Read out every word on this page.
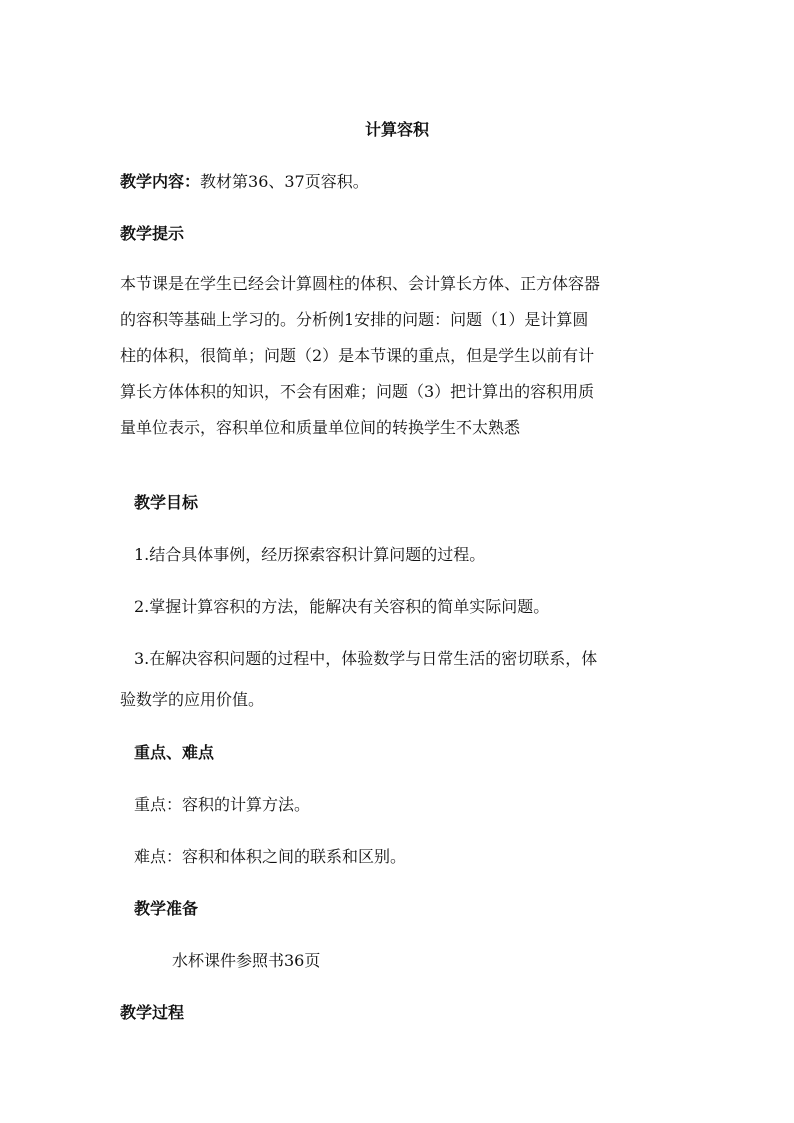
计算容积
教学内容：教材第36、37页容积。
教学提示
本节课是在学生已经会计算圆柱的体积、会计算长方体、正方体容器
的容积等基础上学习的。分析例1安排的问题：问题（1）是计算圆
柱的体积，很简单；问题（2）是本节课的重点，但是学生以前有计
算长方体体积的知识，不会有困难；问题（3）把计算出的容积用质
量单位表示，容积单位和质量单位间的转换学生不太熟悉
教学目标
1.结合具体事例，经历探索容积计算问题的过程。
2.掌握计算容积的方法，能解决有关容积的简单实际问题。
3.在解决容积问题的过程中，体验数学与日常生活的密切联系，体
验数学的应用价值。
重点、难点
重点：容积的计算方法。
难点：容积和体积之间的联系和区别。
教学准备
水杯课件参照书36页
教学过程
